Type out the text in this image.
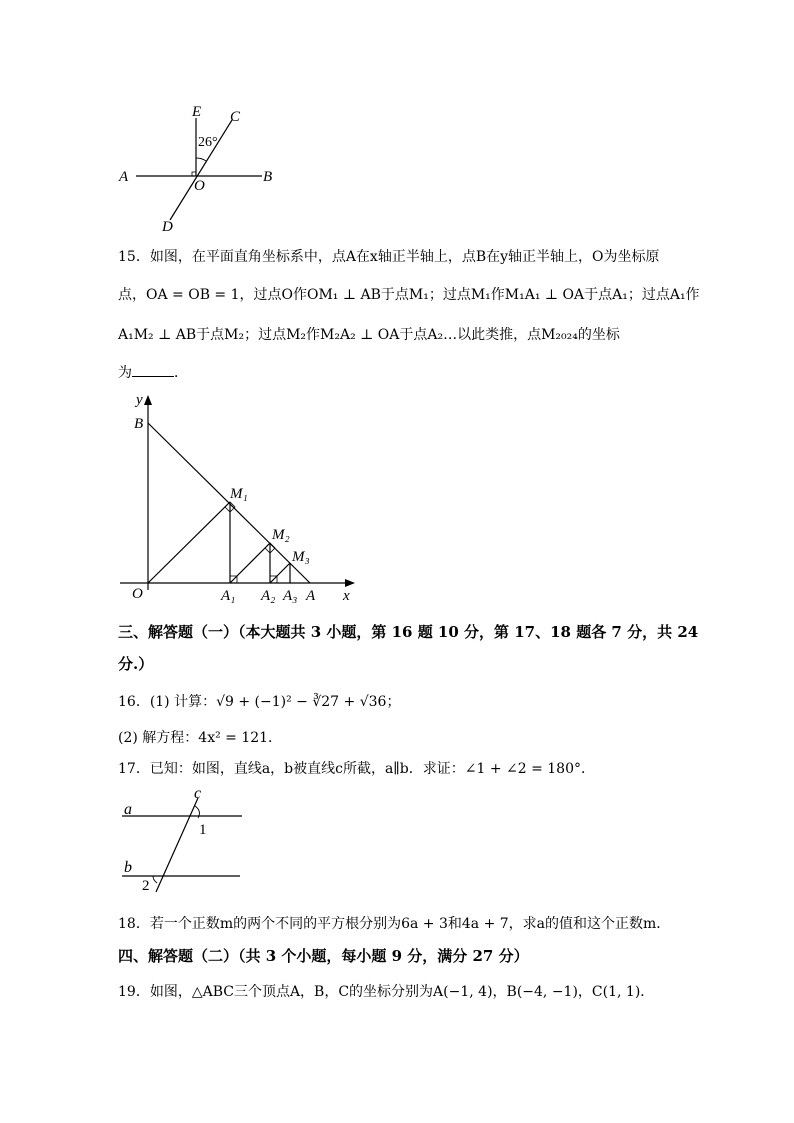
E C
26°
A
O
B
D
15．如图，在平面直角坐标系中，点A在x轴正半轴上，点B在y轴正半轴上，O为坐标原
点，OA = OB = 1，过点O作OM₁ ⊥ AB于点M₁；过点M₁作M₁A₁ ⊥ OA于点A₁；过点A₁作
A₁M₂ ⊥ AB于点M₂；过点M₂作M₂A₂ ⊥ OA于点A₂…以此类推，点M₂₀₂₄的坐标
为	．
y
B
M₁
M₂
M₃
O	A₁ A₂ A₃ A x
三、解答题（一）（本大题共 3 小题，第 16 题 10 分，第 17、18 题各 7 分，共 24
分.）
16．(1) 计算：√9 + (−1)² − ∛27 + √36；
(2) 解方程：4x² = 121．
17．已知：如图，直线a，b被直线c所截，a∥b．求证：∠1 + ∠2 = 180°．
c
a
1
b
2
18．若一个正数m的两个不同的平方根分别为6a + 3和4a + 7，求a的值和这个正数m．
四、解答题（二）（共 3 个小题，每小题 9 分，满分 27 分）
19．如图，△ABC三个顶点A，B，C的坐标分别为A(−1, 4)，B(−4, −1)，C(1, 1)．
